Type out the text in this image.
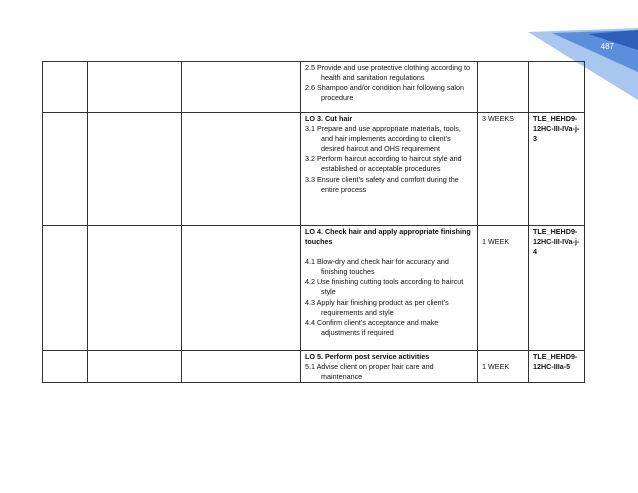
487

			2.5 Provide and use protective clothing according to health and sanitation regulations
2.6 Shampoo and/or condition hair following salon procedure		

			LO 3. Cut hair
3.1 Prepare and use appropriate materials, tools, and hair implements according to client’s desired haircut and OHS requirement
3.2 Perform haircut according to haircut style and established or acceptable procedures
3.3 Ensure client’s safety and comfort during the entire process	3 WEEKS	TLE_HEHD9-12HC-III-IVa-j-3

			LO 4. Check hair and apply appropriate finishing touches
4.1 Blow-dry and check hair for accuracy and finishing touches
4.2 Use finishing cutting tools according to haircut style
4.3 Apply hair finishing product as per client’s requirements and style
4.4 Confirm client’s acceptance and make adjustments if required	1 WEEK	TLE_HEHD9-12HC-III-IVa-j-4

			LO 5. Perform post service activities
5.1 Advise client on proper hair care and maintenance	1 WEEK	TLE_HEHD9-12HC-IIIa-5
